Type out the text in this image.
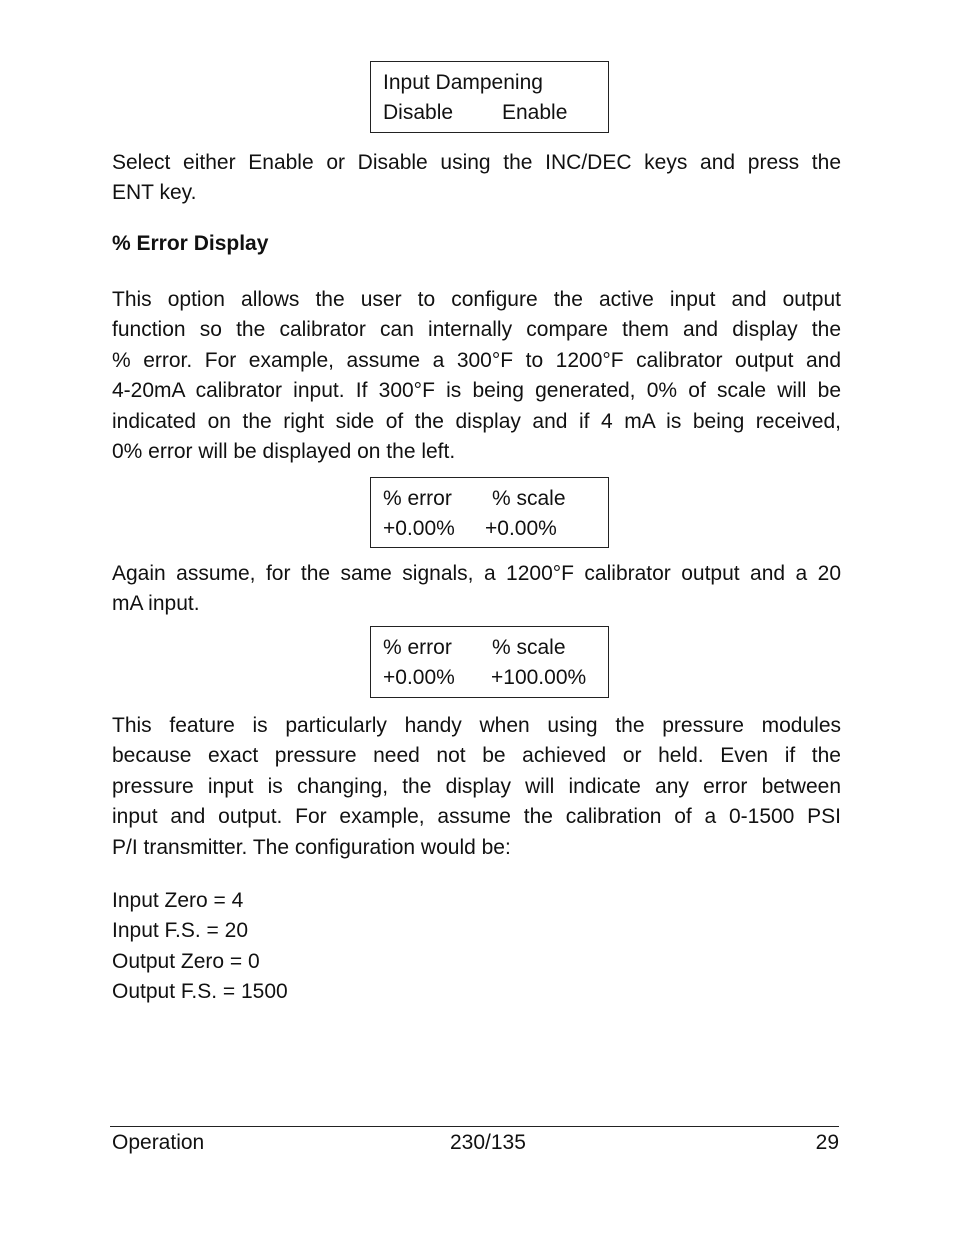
Input Dampening
Disable Enable
Select either Enable or Disable using the INC/DEC keys and press the
ENT key.
% Error Display
This option allows the user to configure the active input and output
function so the calibrator can internally compare them and display the
% error. For example, assume a 300°F to 1200°F calibrator output and
4-20mA calibrator input. If 300°F is being generated, 0% of scale will be
indicated on the right side of the display and if 4 mA is being received,
0% error will be displayed on the left.
% error % scale
+0.00% +0.00%
Again assume, for the same signals, a 1200°F calibrator output and a 20
mA input.
% error % scale
+0.00% +100.00%
This feature is particularly handy when using the pressure modules
because exact pressure need not be achieved or held. Even if the
pressure input is changing, the display will indicate any error between
input and output. For example, assume the calibration of a 0-1500 PSI
P/I transmitter. The configuration would be:
Input Zero = 4
Input F.S. = 20
Output Zero = 0
Output F.S. = 1500
Operation	230/135	29
